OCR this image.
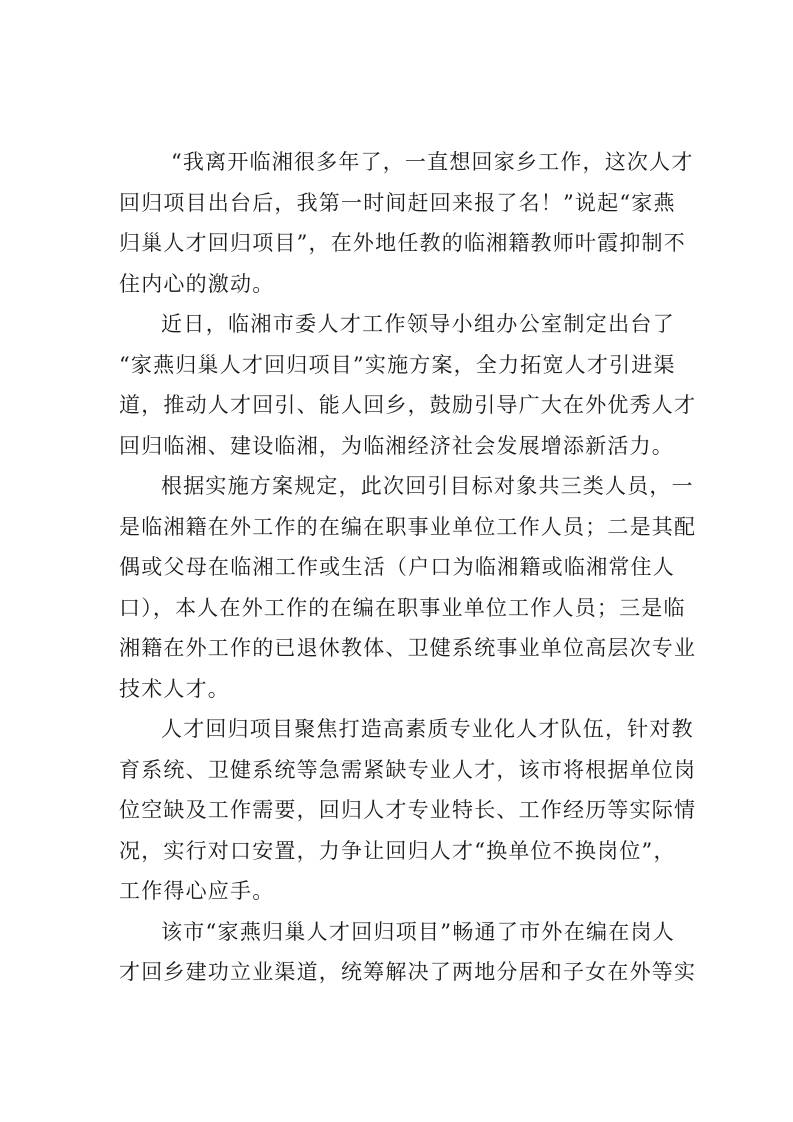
“我离开临湘很多年了，一直想回家乡工作，这次人才
回归项目出台后，我第一时间赶回来报了名！”说起“家燕
归巢人才回归项目”，在外地任教的临湘籍教师叶霞抑制不
住内心的激动。
近日，临湘市委人才工作领导小组办公室制定出台了
“家燕归巢人才回归项目”实施方案，全力拓宽人才引进渠
道，推动人才回引、能人回乡，鼓励引导广大在外优秀人才
回归临湘、建设临湘，为临湘经济社会发展增添新活力。
根据实施方案规定，此次回引目标对象共三类人员，一
是临湘籍在外工作的在编在职事业单位工作人员；二是其配
偶或父母在临湘工作或生活（户口为临湘籍或临湘常住人
口），本人在外工作的在编在职事业单位工作人员；三是临
湘籍在外工作的已退休教体、卫健系统事业单位高层次专业
技术人才。
人才回归项目聚焦打造高素质专业化人才队伍，针对教
育系统、卫健系统等急需紧缺专业人才，该市将根据单位岗
位空缺及工作需要，回归人才专业特长、工作经历等实际情
况，实行对口安置，力争让回归人才“换单位不换岗位”，
工作得心应手。
该市“家燕归巢人才回归项目”畅通了市外在编在岗人
才回乡建功立业渠道，统筹解决了两地分居和子女在外等实
